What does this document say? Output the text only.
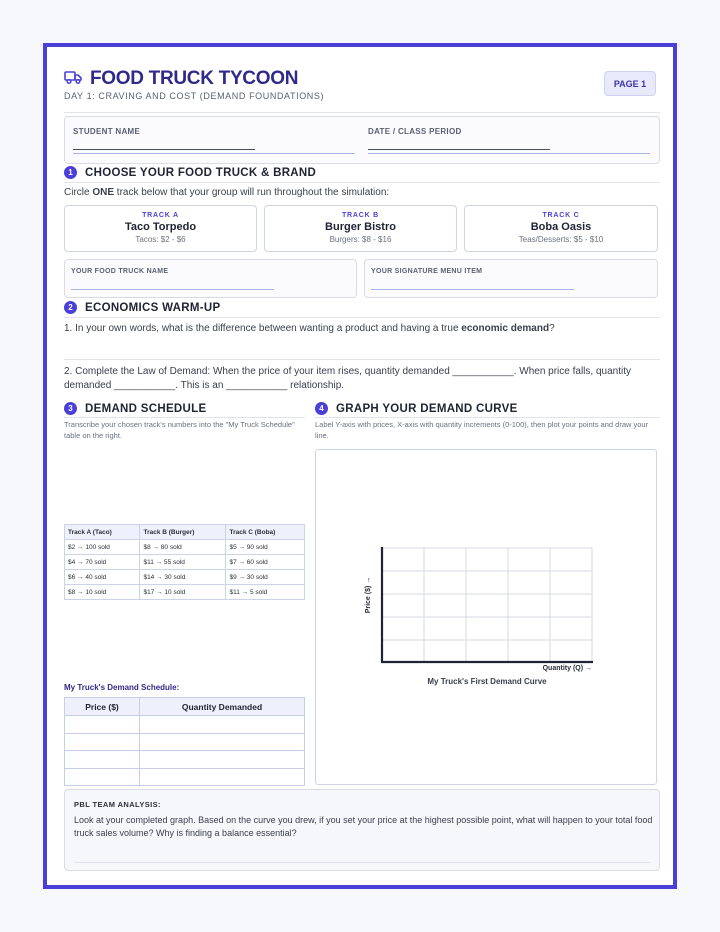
FOOD TRUCK TYCOON
DAY 1: CRAVING AND COST (DEMAND FOUNDATIONS)
PAGE 1
STUDENT NAME	DATE / CLASS PERIOD
1	CHOOSE YOUR FOOD TRUCK & BRAND
Circle ONE track below that your group will run throughout the simulation:
TRACK A
Taco Torpedo
Tacos: $2 - $6
TRACK B
Burger Bistro
Burgers: $8 - $16
TRACK C
Boba Oasis
Teas/Desserts: $5 - $10
YOUR FOOD TRUCK NAME	YOUR SIGNATURE MENU ITEM
2	ECONOMICS WARM-UP
1. In your own words, what is the difference between wanting a product and having a true economic demand?
2. Complete the Law of Demand: When the price of your item rises, quantity demanded ___________. When price falls, quantity
demanded ___________. This is an ___________ relationship.
3	DEMAND SCHEDULE
Transcribe your chosen track's numbers into the "My Truck Schedule" table on the right.
Track A (Taco)	Track B (Burger)	Track C (Boba)
$2 → 100 sold	$8 → 80 sold	$5 → 90 sold
$4 → 70 sold	$11 → 55 sold	$7 → 60 sold
$6 → 40 sold	$14 → 30 sold	$9 → 30 sold
$8 → 10 sold	$17 → 10 sold	$11 → 5 sold
My Truck's Demand Schedule:
Price ($)	Quantity Demanded

4	GRAPH YOUR DEMAND CURVE
Label Y-axis with prices, X-axis with quantity increments (0-100), then plot your points and draw your line.
Price ($) →
Quantity (Q) →
My Truck's First Demand Curve
PBL TEAM ANALYSIS:
Look at your completed graph. Based on the curve you drew, if you set your price at the highest possible point, what will happen to your total food truck sales volume? Why is finding a balance essential?
